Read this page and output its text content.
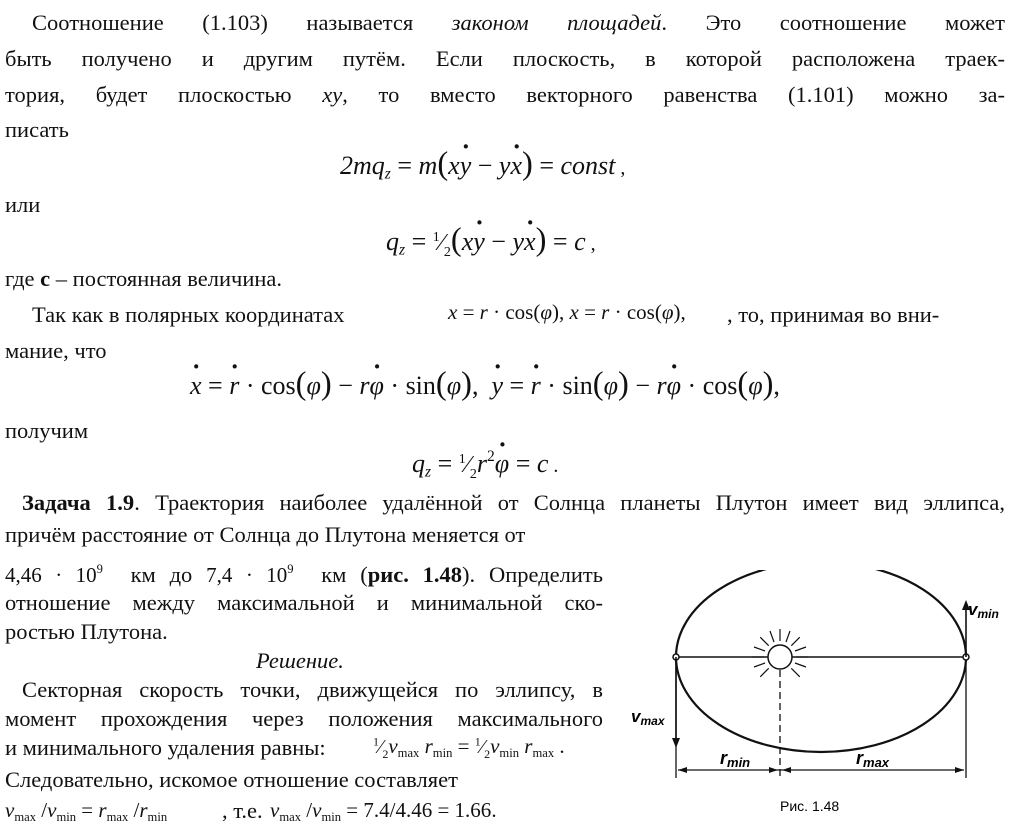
Соотношение (1.103) называется законом площадей. Это соотношение может
быть получено и другим путём. Если плоскость, в которой расположена траек-
тория, будет плоскостью xy, то вместо векторного равенства (1.101) можно за-
писать
$2mq_z = m(xy$ · − yx ·) = const ,
или
$q_z$ = $^1⁄_2(xy$ · − yx ·) = c ,
где c – постоянная величина.
Так как в полярных координатах	x = r · cos(φ), x = r · cos(φ), , то, принимая во вни-
мание, что
x · = r · · cos(φ) − rφ · · sin(φ),  y · = r · · sin(φ) − rφ · · cos(φ),
получим
$q_z$ = $^1⁄_2r^2\varphi$ · = c .
Задача 1.9. Траектория наиболее удалённой от Солнца планеты Плутон имеет вид эллипса,
причём расстояние от Солнца до Плутона меняется от
$4,46 \cdot 10^9$ км до $7,4 \cdot 10^9$ км (рис. 1.48). Определить
отношение между максимальной и минимальной ско-
ростью Плутона.
Решение.
Секторная скорость точки, движущейся по эллипсу, в
момент прохождения через положения максимального
и минимального удаления равны:	$^1⁄_2v_{max}$ $r_{min}$ = $^1⁄_2v_{min}$ $r_{max}$ .
Следовательно, искомое отношение составляет
$v_{max}$ $/v_{min} = r_{max}$ $/r_{min}$ , т.е. $v_{max}$ $/v_{min} = 7.4/4.46 = 1.66$.
vmin
vmax
rmin	rmax
Рис. 1.48
